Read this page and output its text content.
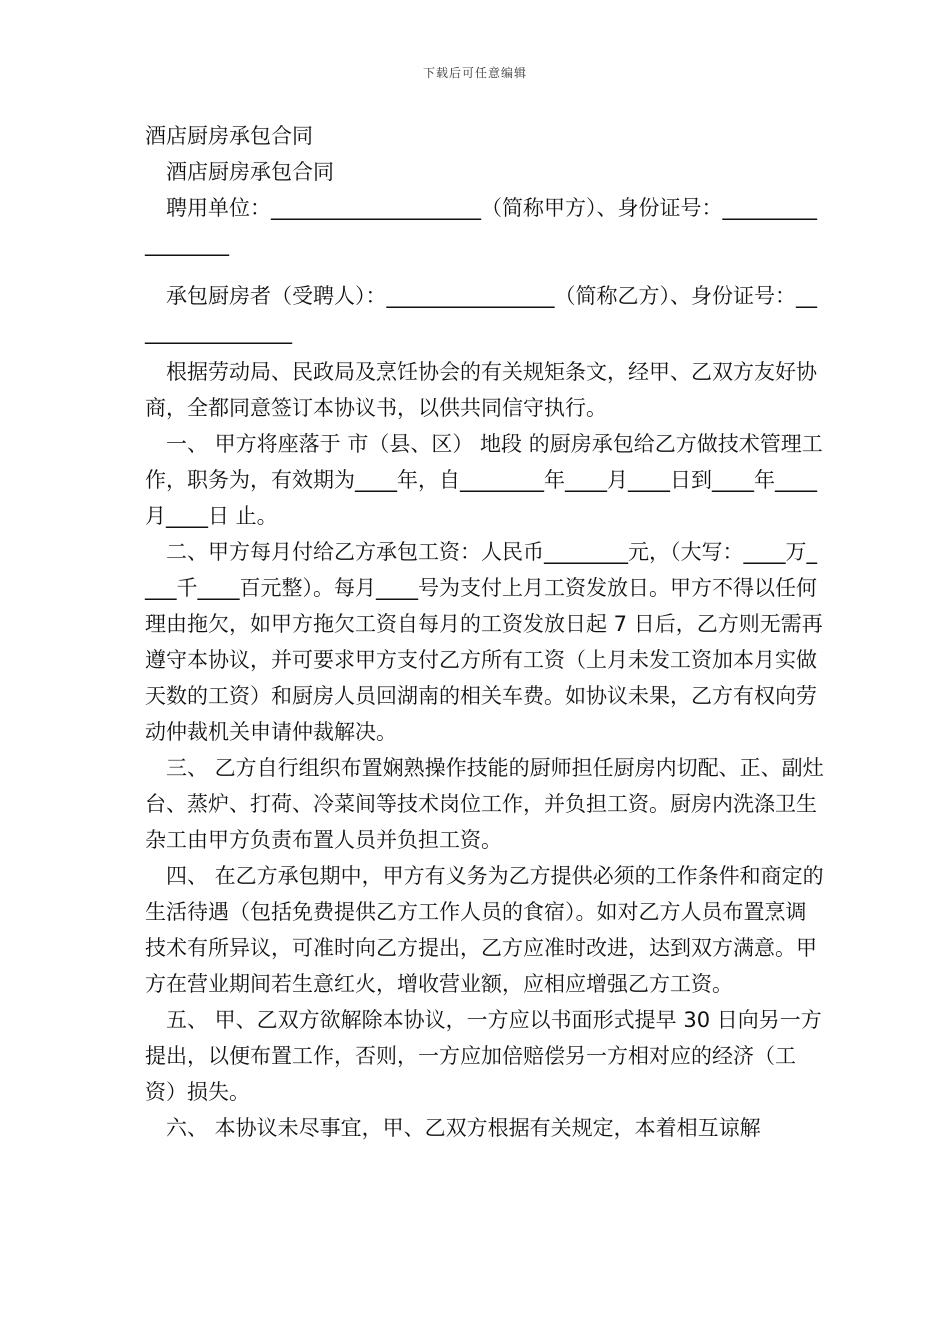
下载后可任意编辑

酒店厨房承包合同

酒店厨房承包合同

聘用单位：____________________（简称甲方）、身份证号：_________________

承包厨房者（受聘人）：________________（简称乙方）、身份证号：________________

根据劳动局、民政局及烹饪协会的有关规矩条文，经甲、乙双方友好协商，全都同意签订本协议书，以供共同信守执行。

一、 甲方将座落于 市（县、区） 地段 的厨房承包给乙方做技术管理工作，职务为，有效期为____年，自________年____月____日到____年____月____日 止。

二、甲方每月付给乙方承包工资：人民币________元，（大写：____万____千____百元整）。每月____号为支付上月工资发放日。甲方不得以任何理由拖欠，如甲方拖欠工资自每月的工资发放日起 7 日后，乙方则无需再遵守本协议，并可要求甲方支付乙方所有工资（上月未发工资加本月实做天数的工资）和厨房人员回湖南的相关车费。如协议未果，乙方有权向劳动仲裁机关申请仲裁解决。

三、 乙方自行组织布置娴熟操作技能的厨师担任厨房内切配、正、副灶台、蒸炉、打荷、冷菜间等技术岗位工作，并负担工资。厨房内洗涤卫生杂工由甲方负责布置人员并负担工资。

四、 在乙方承包期中，甲方有义务为乙方提供必须的工作条件和商定的生活待遇（包括免费提供乙方工作人员的食宿）。如对乙方人员布置烹调技术有所异议，可准时向乙方提出，乙方应准时改进，达到双方满意。甲方在营业期间若生意红火，增收营业额，应相应增强乙方工资。

五、 甲、乙双方欲解除本协议，一方应以书面形式提早 30 日向另一方提出，以便布置工作，否则，一方应加倍赔偿另一方相对应的经济（工资）损失。

六、 本协议未尽事宜，甲、乙双方根据有关规定，本着相互谅解
